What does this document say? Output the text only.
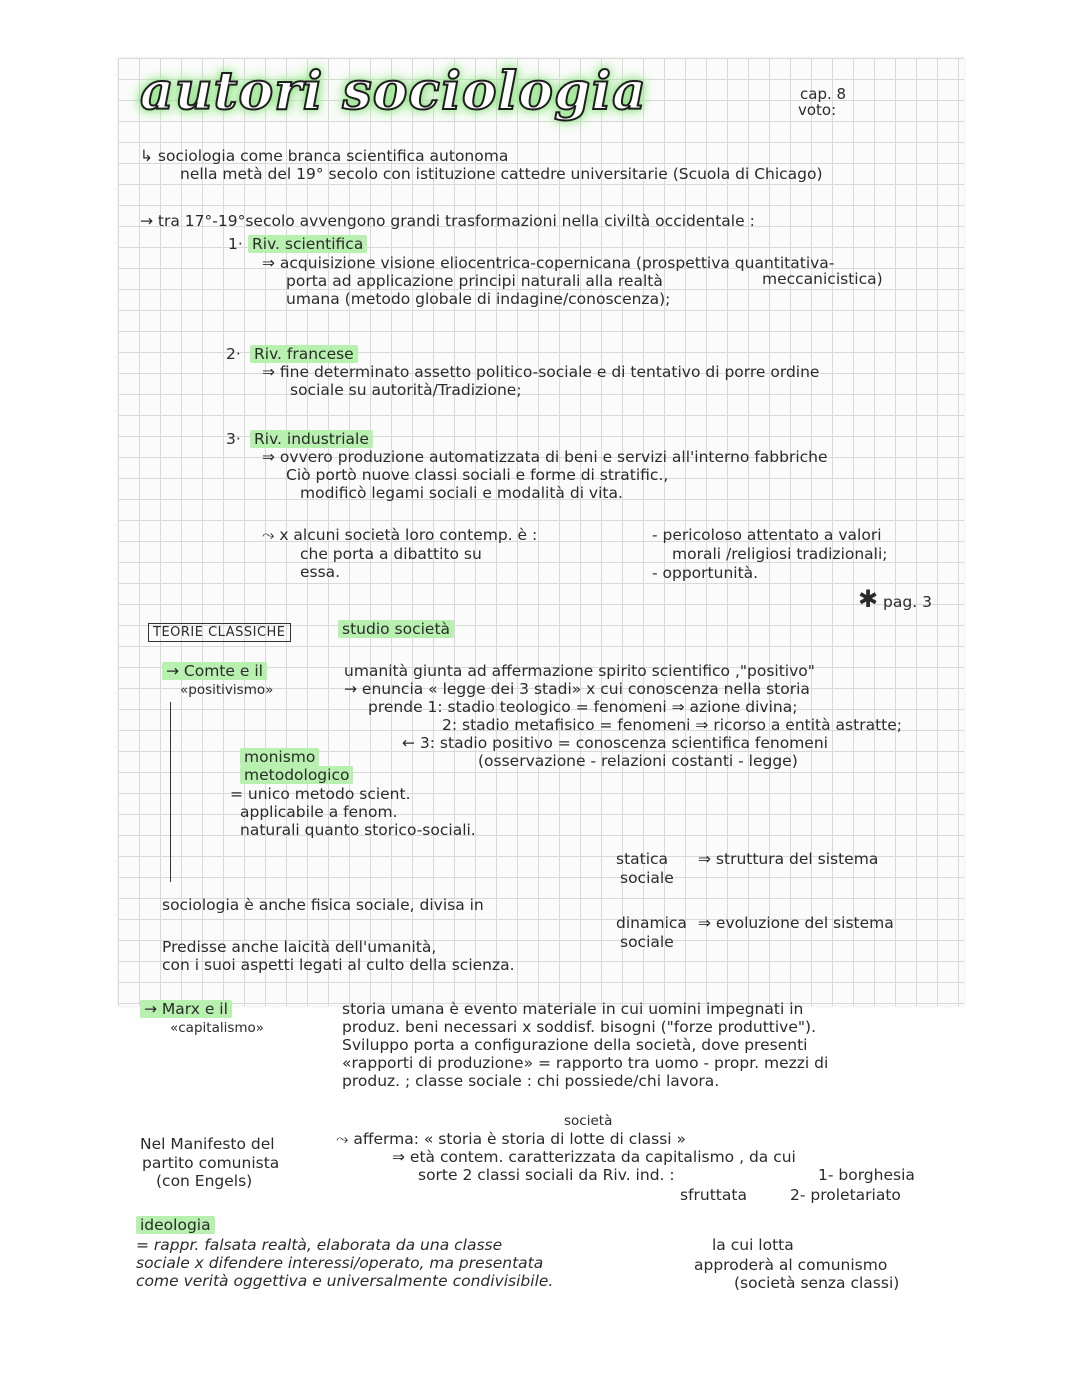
autori sociologia	cap. 8
voto:
↳ sociologia come branca scientifica autonoma
nella metà del 19° secolo con istituzione cattedre universitarie (Scuola di Chicago)
→ tra 17°-19°secolo avvengono grandi trasformazioni nella civiltà occidentale :
1· Riv. scientifica
⇒ acquisizione visione eliocentrica-copernicana (prospettiva quantitativa-
porta ad applicazione principi naturali alla realtà	meccanicistica)
umana (metodo globale di indagine/conoscenza);
2· Riv. francese
⇒ fine determinato assetto politico-sociale e di tentativo di porre ordine
sociale su autorità/Tradizione;
3· Riv. industriale
⇒ ovvero produzione automatizzata di beni e servizi all'interno fabbriche
Ciò portò nuove classi sociali e forme di stratific.,
modificò legami sociali e modalità di vita.
⤳ x alcuni società loro contemp. è :
che porta a dibattito su
essa.
- pericoloso attentato a valori
morali /religiosi tradizionali;
- opportunità.
✱ pag. 3
TEORIE CLASSICHE	studio società
→ Comte e il
«positivismo»
umanità giunta ad affermazione spirito scientifico ,"positivo"
→ enuncia « legge dei 3 stadi» x cui conoscenza nella storia
prende 1: stadio teologico = fenomeni ⇒ azione divina;
2: stadio metafisico = fenomeni ⇒ ricorso a entità astratte;
← 3: stadio positivo = conoscenza scientifica fenomeni
(osservazione - relazioni costanti - legge)
monismo
metodologico
= unico metodo scient.
applicabile a fenom.
naturali quanto storico-sociali.
statica
sociale
⇒ struttura del sistema
sociologia è anche fisica sociale, divisa in
dinamica
sociale
⇒ evoluzione del sistema
Predisse anche laicità dell'umanità,
con i suoi aspetti legati al culto della scienza.
→ Marx e il
«capitalismo»
storia umana è evento materiale in cui uomini impegnati in
produz. beni necessari x soddisf. bisogni ("forze produttive").
Sviluppo porta a configurazione della società, dove presenti
«rapporti di produzione» = rapporto tra uomo - propr. mezzi di
produz. ; classe sociale : chi possiede/chi lavora.
Nel Manifesto del
partito comunista
(con Engels)
società
⤳ afferma: « storia è storia di lotte di classi »
⇒ età contem. caratterizzata da capitalismo , da cui
sorte 2 classi sociali da Riv. ind. :	1- borghesia
sfruttata	2- proletariato
ideologia
= rappr. falsata realtà, elaborata da una classe
sociale x difendere interessi/operato, ma presentata
come verità oggettiva e universalmente condivisibile.
la cui lotta
approderà al comunismo
(società senza classi)
